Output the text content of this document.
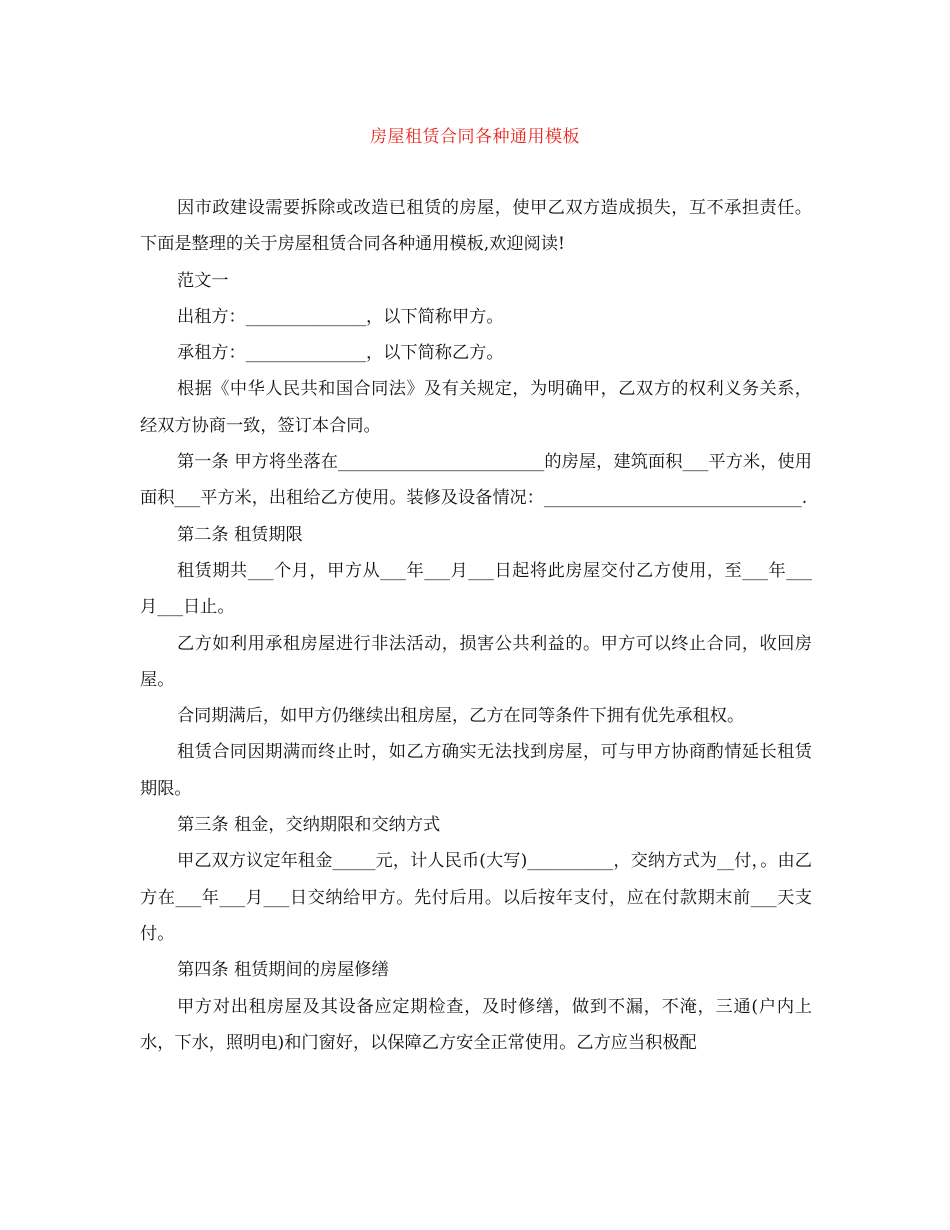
房屋租赁合同各种通用模板

因市政建设需要拆除或改造已租赁的房屋，使甲乙双方造成损失，互不承担责任。下面是整理的关于房屋租赁合同各种通用模板,欢迎阅读!

范文一

出租方：______________，以下简称甲方。

承租方：______________，以下简称乙方。

根据《中华人民共和国合同法》及有关规定，为明确甲，乙双方的权利义务关系，经双方协商一致，签订本合同。

第一条 甲方将坐落在________________________的房屋，建筑面积___平方米，使用面积___平方米，出租给乙方使用。装修及设备情况：______________________________.

第二条 租赁期限

租赁期共___个月，甲方从___年___月___日起将此房屋交付乙方使用，至___年___月___日止。

乙方如利用承租房屋进行非法活动，损害公共利益的。甲方可以终止合同，收回房屋。

合同期满后，如甲方仍继续出租房屋，乙方在同等条件下拥有优先承租权。

租赁合同因期满而终止时，如乙方确实无法找到房屋，可与甲方协商酌情延长租赁期限。

第三条 租金，交纳期限和交纳方式

甲乙双方议定年租金_____元，计人民币(大写)__________，交纳方式为__付，。由乙方在___年___月___日交纳给甲方。先付后用。以后按年支付，应在付款期末前___天支付。

第四条 租赁期间的房屋修缮

甲方对出租房屋及其设备应定期检查，及时修缮，做到不漏，不淹，三通(户内上水，下水，照明电)和门窗好，以保障乙方安全正常使用。乙方应当积极配
